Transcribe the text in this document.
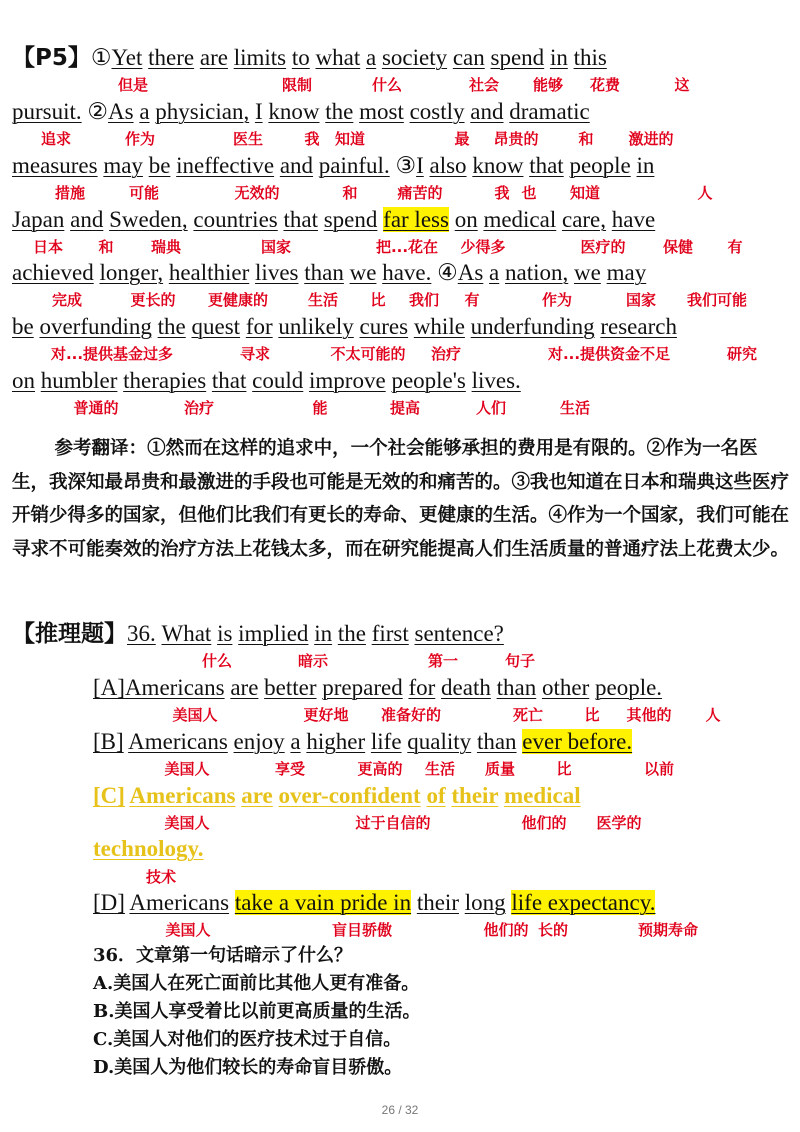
【P5】①Yet there are limits to what a society can spend in this
但是	限制	什么	社会 能够 花费	这
pursuit. ②As a physician, I know the most costly and dramatic
追求	作为	医生	我 知道	最 昂贵的	和 激进的
measures may be ineffective and painful. ③I also know that people in
措施	可能	无效的	和	痛苦的	我 也 知道	人
Japan and Sweden, countries that spend far less on medical care, have
日本 和 瑞典	国家	把...花在 少得多	医疗的 保健 有
achieved longer, healthier lives than we have. ④As a nation, we may
完成	更长的 更健康的	生活 比 我们 有	作为	国家 我们可能
be overfunding the quest for unlikely cures while underfunding research
对...提供基金过多	寻求	不太可能的 治疗	对...提供资金不足	研究
on humbler therapies that could improve people's lives.
普通的	治疗	能	提高	人们	生活
参考翻译：①然而在这样的追求中，一个社会能够承担的费用是有限的。②作为一名医生，我深知最昂贵和最激进的手段也可能是无效的和痛苦的。③我也知道在日本和瑞典这些医疗开销少得多的国家，但他们比我们有更长的寿命、更健康的生活。④作为一个国家，我们可能在寻求不可能奏效的治疗方法上花钱太多，而在研究能提高人们生活质量的普通疗法上花费太少。
【推理题】36. What is implied in the first sentence?
什么	暗示	第一	句子
[A]Americans are better prepared for death than other people.
美国人	更好地 准备好的	死亡	比 其他的 人
[B] Americans enjoy a higher life quality than ever before.
美国人	享受	更高的 生活 质量	比	以前
[C] Americans are over-confident of their medical
美国人	过于自信的	他们的 医学的
technology.
技术
[D] Americans take a vain pride in their long life expectancy.
美国人	盲目骄傲	他们的 长的	预期寿命
36．文章第一句话暗示了什么？
A.美国人在死亡面前比其他人更有准备。
B.美国人享受着比以前更高质量的生活。
C.美国人对他们的医疗技术过于自信。
D.美国人为他们较长的寿命盲目骄傲。
26 / 32
